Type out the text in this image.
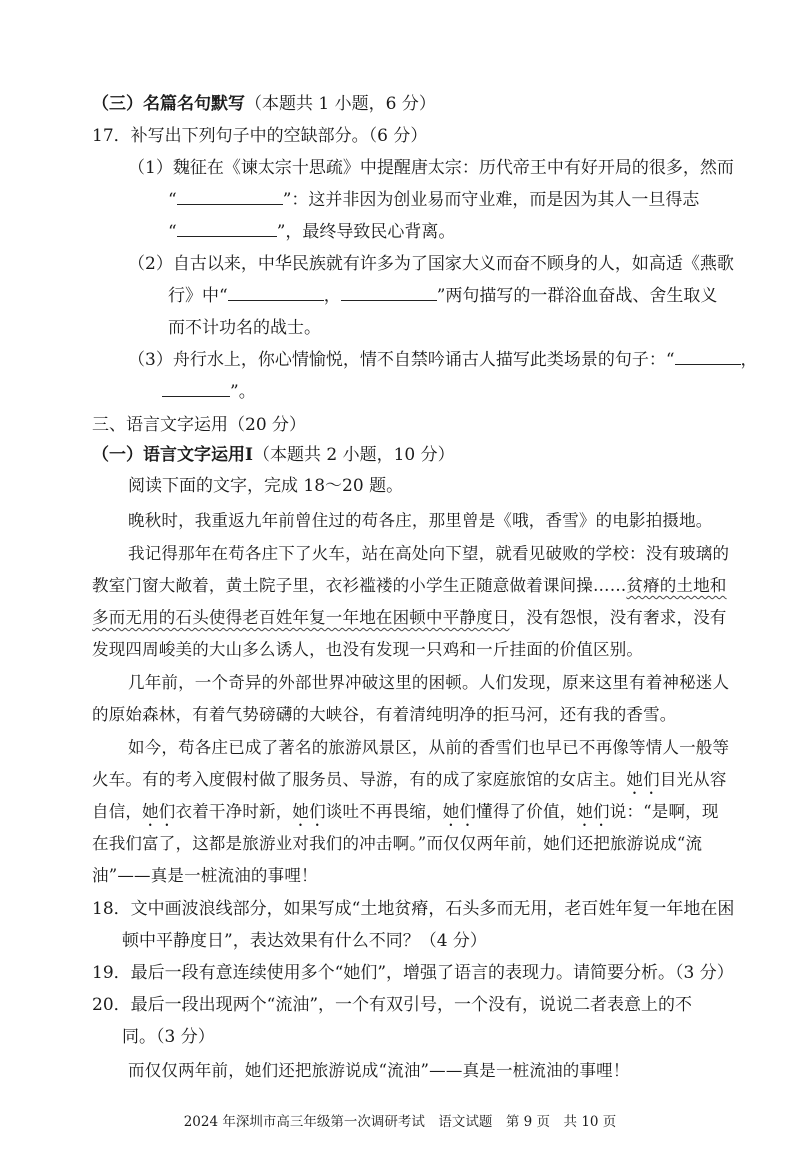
（三）名篇名句默写（本题共 1 小题，6 分）
17．补写出下列句子中的空缺部分。（6 分）
（1）魏征在《谏太宗十思疏》中提醒唐太宗：历代帝王中有好开局的很多，然而
“	”：这并非因为创业易而守业难，而是因为其人一旦得志
“	”，最终导致民心背离。
（2）自古以来，中华民族就有许多为了国家大义而奋不顾身的人，如高适《燕歌
行》中“	，	”两句描写的一群浴血奋战、舍生取义
而不计功名的战士。
（3）舟行水上，你心情愉悦，情不自禁吟诵古人描写此类场景的句子：“	，
”。
三、语言文字运用（20 分）
（一）语言文字运用Ⅰ（本题共 2 小题，10 分）
阅读下面的文字，完成 18～20 题。
晚秋时，我重返九年前曾住过的苟各庄，那里曾是《哦，香雪》的电影拍摄地。
我记得那年在苟各庄下了火车，站在高处向下望，就看见破败的学校：没有玻璃的
教室门窗大敞着，黄土院子里，衣衫褴褛的小学生正随意做着课间操……贫瘠的土地和
多而无用的石头使得老百姓年复一年地在困顿中平静度日，没有怨恨，没有奢求，没有
发现四周峻美的大山多么诱人，也没有发现一只鸡和一斤挂面的价值区别。
几年前，一个奇异的外部世界冲破这里的困顿。人们发现，原来这里有着神秘迷人
的原始森林，有着气势磅礴的大峡谷，有着清纯明净的拒马河，还有我的香雪。
如今，苟各庄已成了著名的旅游风景区，从前的香雪们也早已不再像等情人一般等
火车。有的考入度假村做了服务员、导游，有的成了家庭旅馆的女店主。她们目光从容
自信，她们衣着干净时新，她们谈吐不再畏缩，她们懂得了价值，她们说：“是啊，现
在我们富了，这都是旅游业对我们的冲击啊。”而仅仅两年前，她们还把旅游说成“流
油”——真是一桩流油的事哩！
18．文中画波浪线部分，如果写成“土地贫瘠，石头多而无用，老百姓年复一年地在困
顿中平静度日”，表达效果有什么不同？（4 分）
19．最后一段有意连续使用多个“她们”，增强了语言的表现力。请简要分析。（3 分）
20．最后一段出现两个“流油”，一个有双引号，一个没有，说说二者表意上的不
同。（3 分）
而仅仅两年前，她们还把旅游说成“流油”——真是一桩流油的事哩！
2024 年深圳市高三年级第一次调研考试　语文试题　第 9 页　共 10 页
